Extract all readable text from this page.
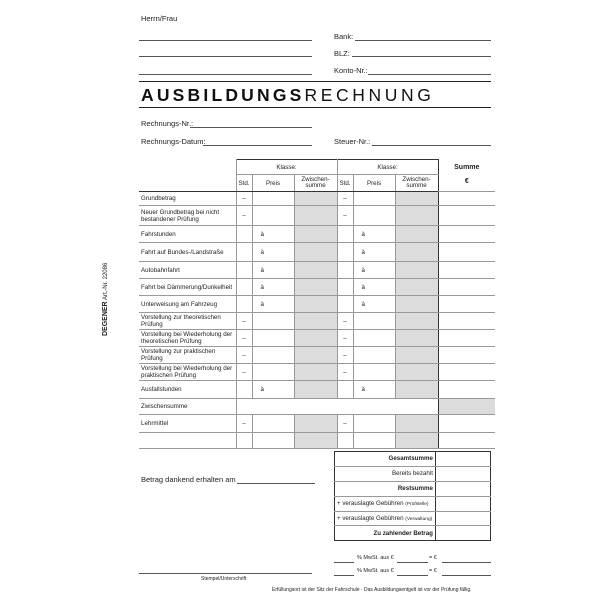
Herrn/Frau
Bank:
BLZ:
Konto-Nr.:
AUSBILDUNGSRECHNUNG
Rechnungs-Nr.:
Rechnungs-Datum:	Steuer-Nr.:
DEGENER Art.-Nr. 22086
	Klasse:			Klasse:			Summe
€

	Std.	Preis	Zwischen-
summe	Std.	Preis	Zwischen-
summe	
Grundbetrag	–			–			
Neuer Grundbetrag bei nicht bestandener Prüfung	–			–			
Fahrstunden		à			à		
Fahrt auf Bundes-/Landstraße		à			à		
Autobahnfahrt		à			à		
Fahrt bei Dämmerung/Dunkelheit		à			à		
Unterweisung am Fahrzeug		à			à		
Vorstellung zur theoretischen Prüfung	–			–			
Vorstellung bei Wiederholung der theoretischen Prüfung	–			–			
Vorstellung zur praktischen Prüfung	–			–			
Vorstellung bei Wiederholung der praktischen Prüfung	–			–			
Ausfallstunden		à			à		
Zwischensumme							
Lehrmittel	–			–			

Betrag dankend erhalten am
Stempel/Unterschrift
Gesamtsumme	
Bereits bezahlt	
Restsumme	
+ verauslagte Gebühren (Prüfstelle)	
+ verauslagte Gebühren (Verwaltung)	
Zu zahlender Betrag	
% MwSt. aus €	= €
% MwSt. aus €	= €
Erfüllungsort ist der Sitz der Fahrschule · Das Ausbildungsentgelt ist vor der Prüfung fällig.
